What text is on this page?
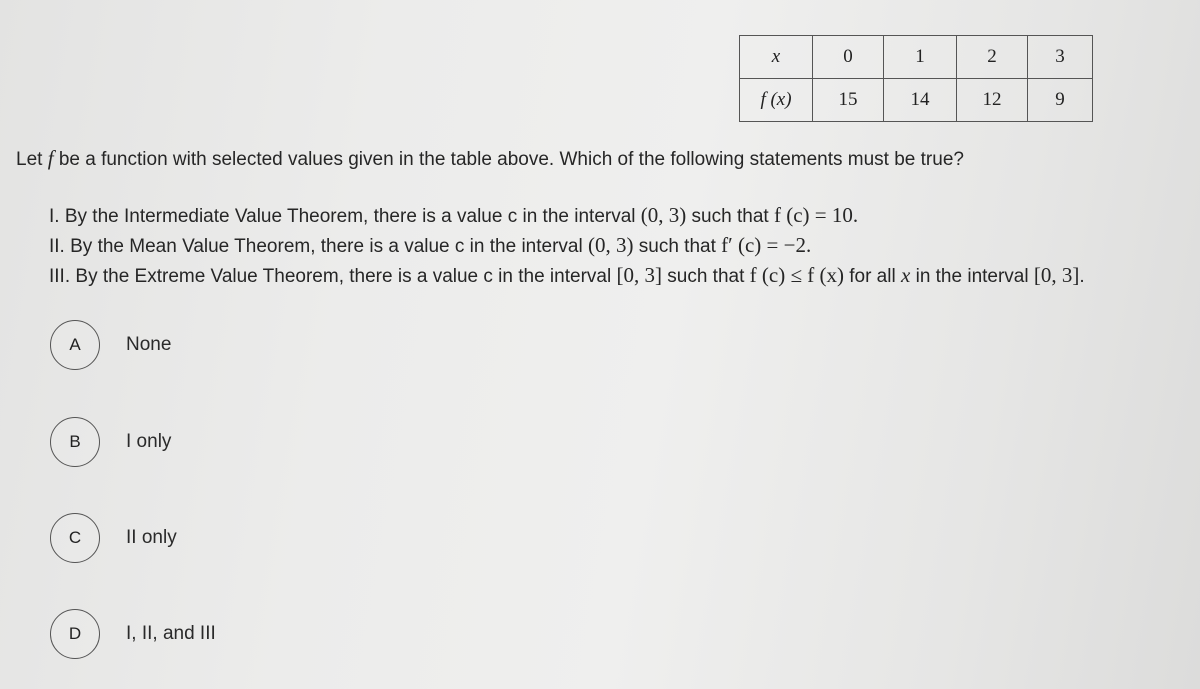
x	0	1	2	3
f (x)	15	14	12	9
Let f be a function with selected values given in the table above. Which of the following statements must be true?
I. By the Intermediate Value Theorem, there is a value c in the interval (0, 3) such that f (c) = 10.
II. By the Mean Value Theorem, there is a value c in the interval (0, 3) such that f′ (c) = −2.
III. By the Extreme Value Theorem, there is a value c in the interval [0, 3] such that f (c) ≤ f (x) for all x in the interval [0, 3].
A None
B I only
C II only
D I, II, and III
